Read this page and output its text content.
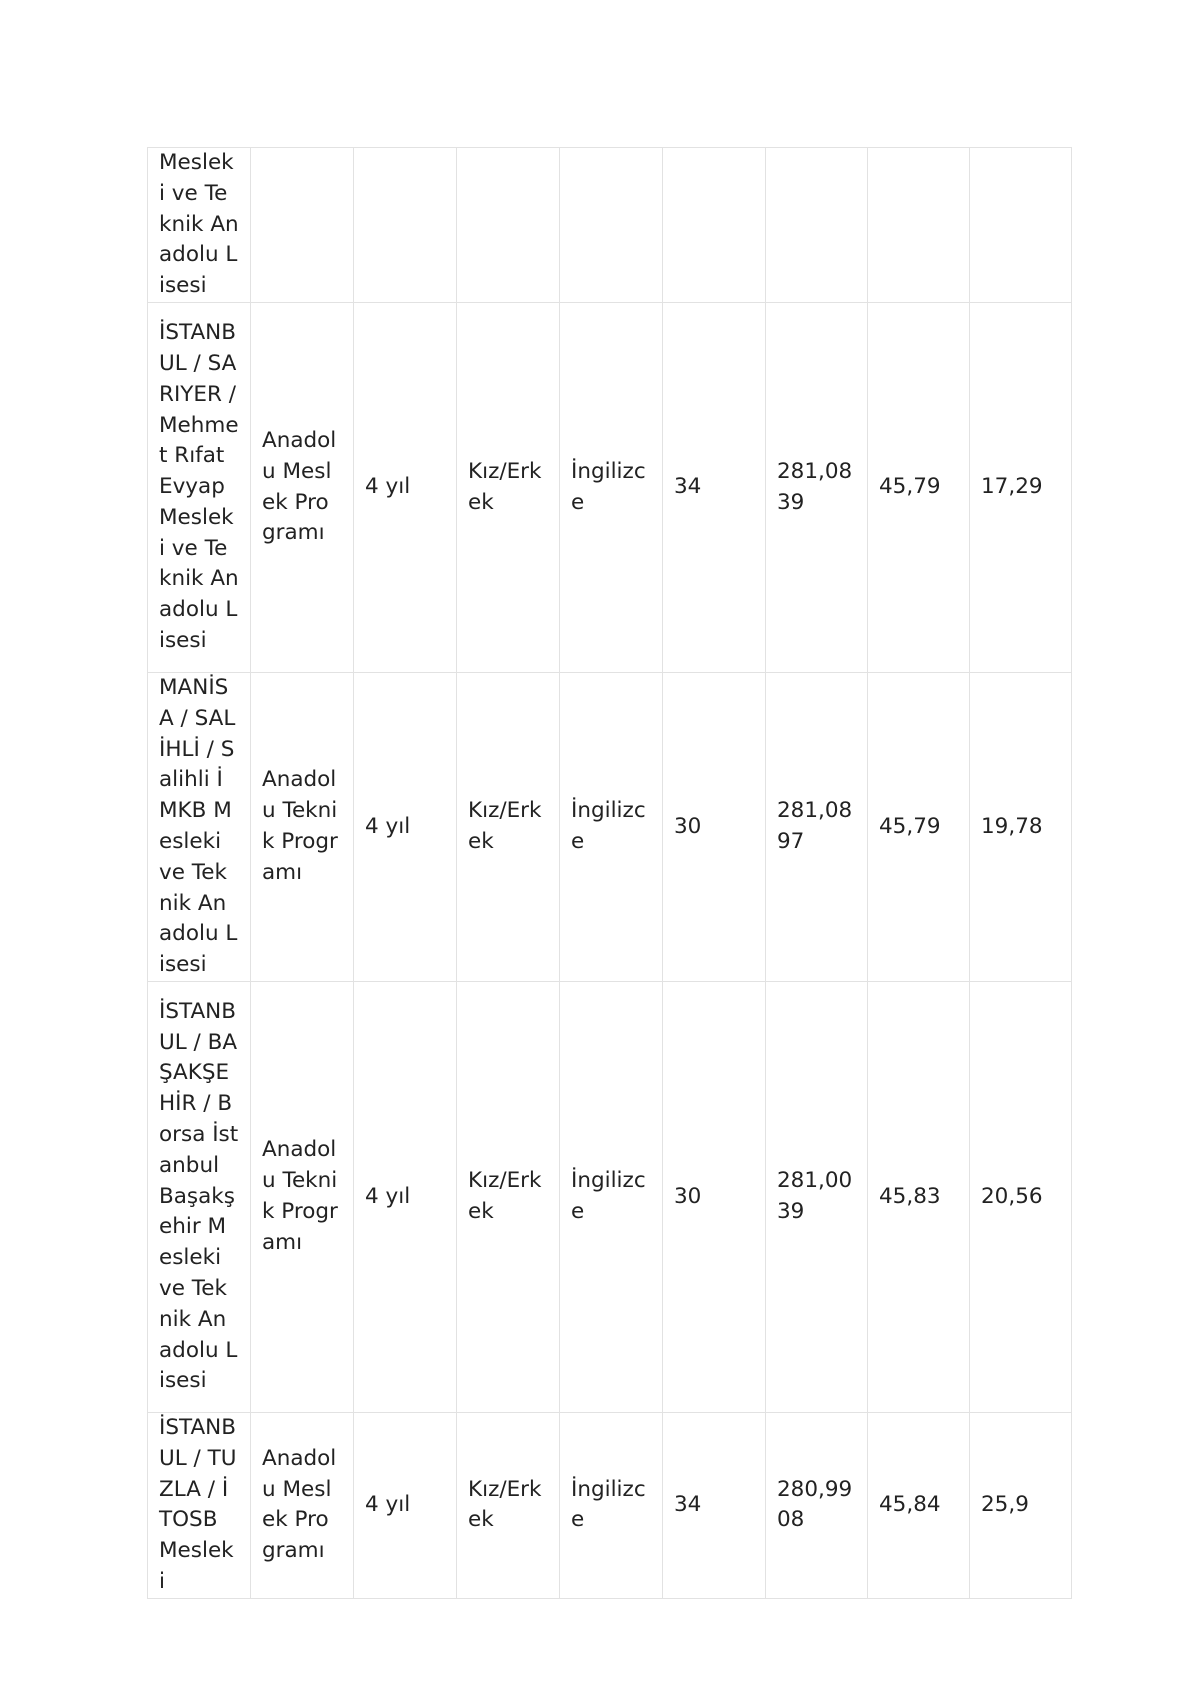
Mesleki ve Teknik Anadolu Lisesi								
İSTANBUL / SARIYER / Mehmet Rıfat Evyap Mesleki ve Teknik Anadolu Lisesi	Anadolu Meslek Programı	4 yıl	Kız/Erkek	İngilizce	34	281,0839	45,79	17,29
MANİSA / SALİHLİ / Salihli İMKB Mesleki ve Teknik Anadolu Lisesi	Anadolu Teknik Programı	4 yıl	Kız/Erkek	İngilizce	30	281,0897	45,79	19,78
İSTANBUL / BAŞAKŞEHİR / Borsa İstanbul Başakşehir Mesleki ve Teknik Anadolu Lisesi	Anadolu Teknik Programı	4 yıl	Kız/Erkek	İngilizce	30	281,0039	45,83	20,56
İSTANBUL / TUZLA / İTOSB Mesleki	Anadolu Meslek Programı	4 yıl	Kız/Erkek	İngilizce	34	280,9908	45,84	25,9
